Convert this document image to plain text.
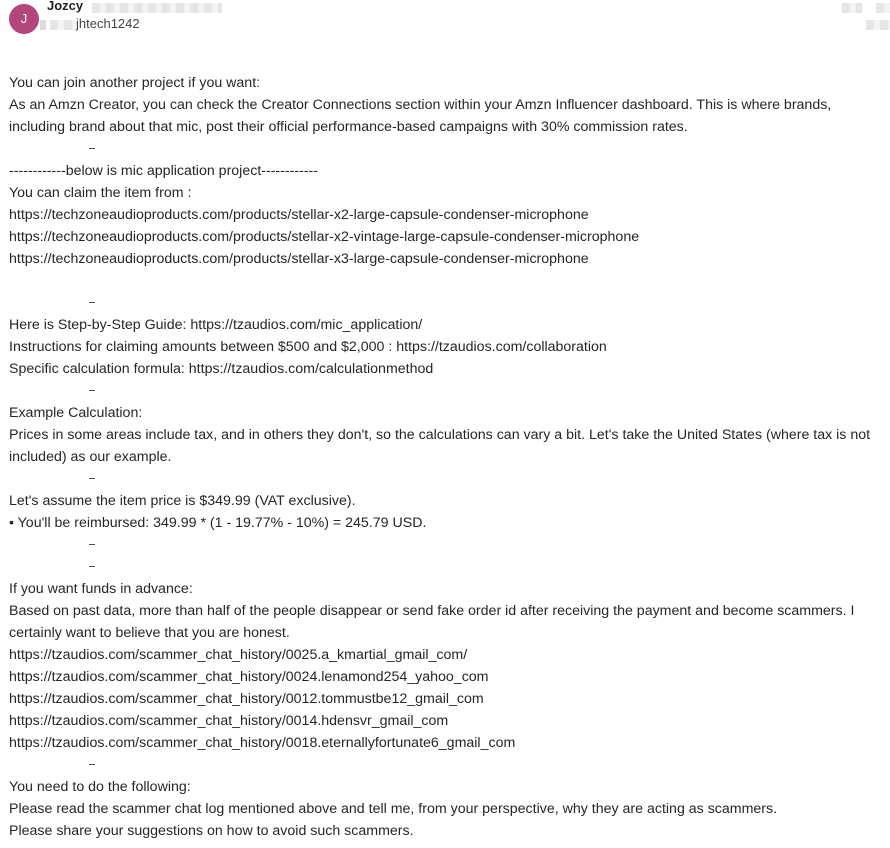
J
Jozcy
jhtech1242
You can join another project if you want:
As an Amzn Creator, you can check the Creator Connections section within your Amzn Influencer dashboard. This is where brands, including brand about that mic, post their official performance-based campaigns with 30% commission rates.
------------below is mic application project------------
You can claim the item from :
https://techzoneaudioproducts.com/products/stellar-x2-large-capsule-condenser-microphone
https://techzoneaudioproducts.com/products/stellar-x2-vintage-large-capsule-condenser-microphone
https://techzoneaudioproducts.com/products/stellar-x3-large-capsule-condenser-microphone
Here is Step-by-Step Guide: https://tzaudios.com/mic_application/
Instructions for claiming amounts between $500 and $2,000 : https://tzaudios.com/collaboration
Specific calculation formula: https://tzaudios.com/calculationmethod
Example Calculation:
Prices in some areas include tax, and in others they don't, so the calculations can vary a bit. Let's take the United States (where tax is not included) as our example.
Let's assume the item price is $349.99 (VAT exclusive).
• You'll be reimbursed: 349.99 * (1 - 19.77% - 10%) = 245.79 USD.
If you want funds in advance:
Based on past data, more than half of the people disappear or send fake order id after receiving the payment and become scammers. I certainly want to believe that you are honest.
https://tzaudios.com/scammer_chat_history/0025.a_kmartial_gmail_com/
https://tzaudios.com/scammer_chat_history/0024.lenamond254_yahoo_com
https://tzaudios.com/scammer_chat_history/0012.tommustbe12_gmail_com
https://tzaudios.com/scammer_chat_history/0014.hdensvr_gmail_com
https://tzaudios.com/scammer_chat_history/0018.eternallyfortunate6_gmail_com
You need to do the following:
Please read the scammer chat log mentioned above and tell me, from your perspective, why they are acting as scammers.
Please share your suggestions on how to avoid such scammers.
